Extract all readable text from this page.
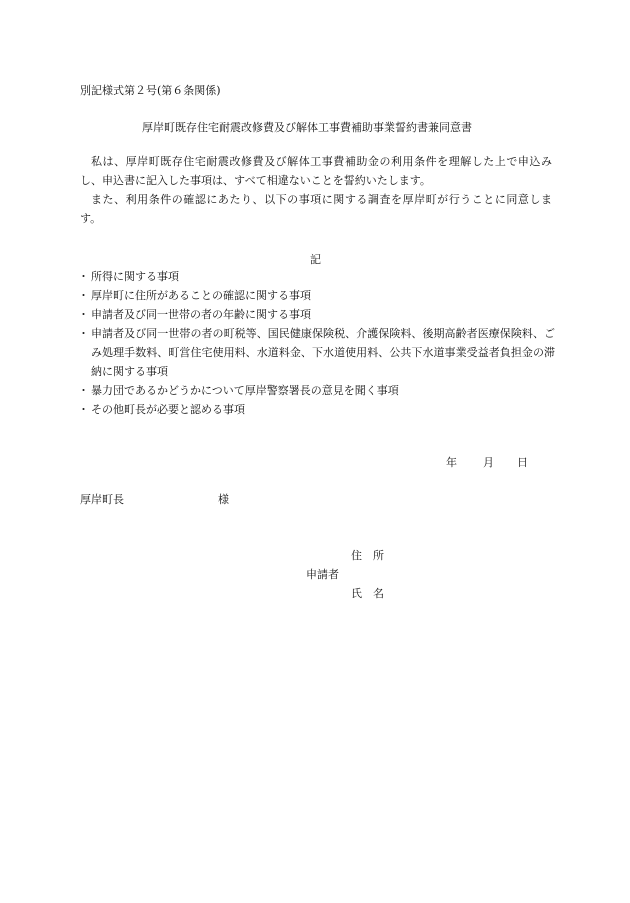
別記様式第２号(第６条関係)
厚岸町既存住宅耐震改修費及び解体工事費補助事業誓約書兼同意書

私は、厚岸町既存住宅耐震改修費及び解体工事費補助金の利用条件を理解した上で申込みし、申込書に記入した事項は、すべて相違ないことを誓約いたします。

また、利用条件の確認にあたり、以下の事項に関する調査を厚岸町が行うことに同意します。

記
・ 所得に関する事項
・ 厚岸町に住所があることの確認に関する事項
・ 申請者及び同一世帯の者の年齢に関する事項
・ 申請者及び同一世帯の者の町税等、国民健康保険税、介護保険料、後期高齢者医療保険料、ごみ処理手数料、町営住宅使用料、水道料金、下水道使用料、公共下水道事業受益者負担金の滞納に関する事項
・ 暴力団であるかどうかについて厚岸警察署長の意見を聞く事項
・ その他町長が必要と認める事項
年 月 日
厚岸町長	様
住所
申請者
氏名
